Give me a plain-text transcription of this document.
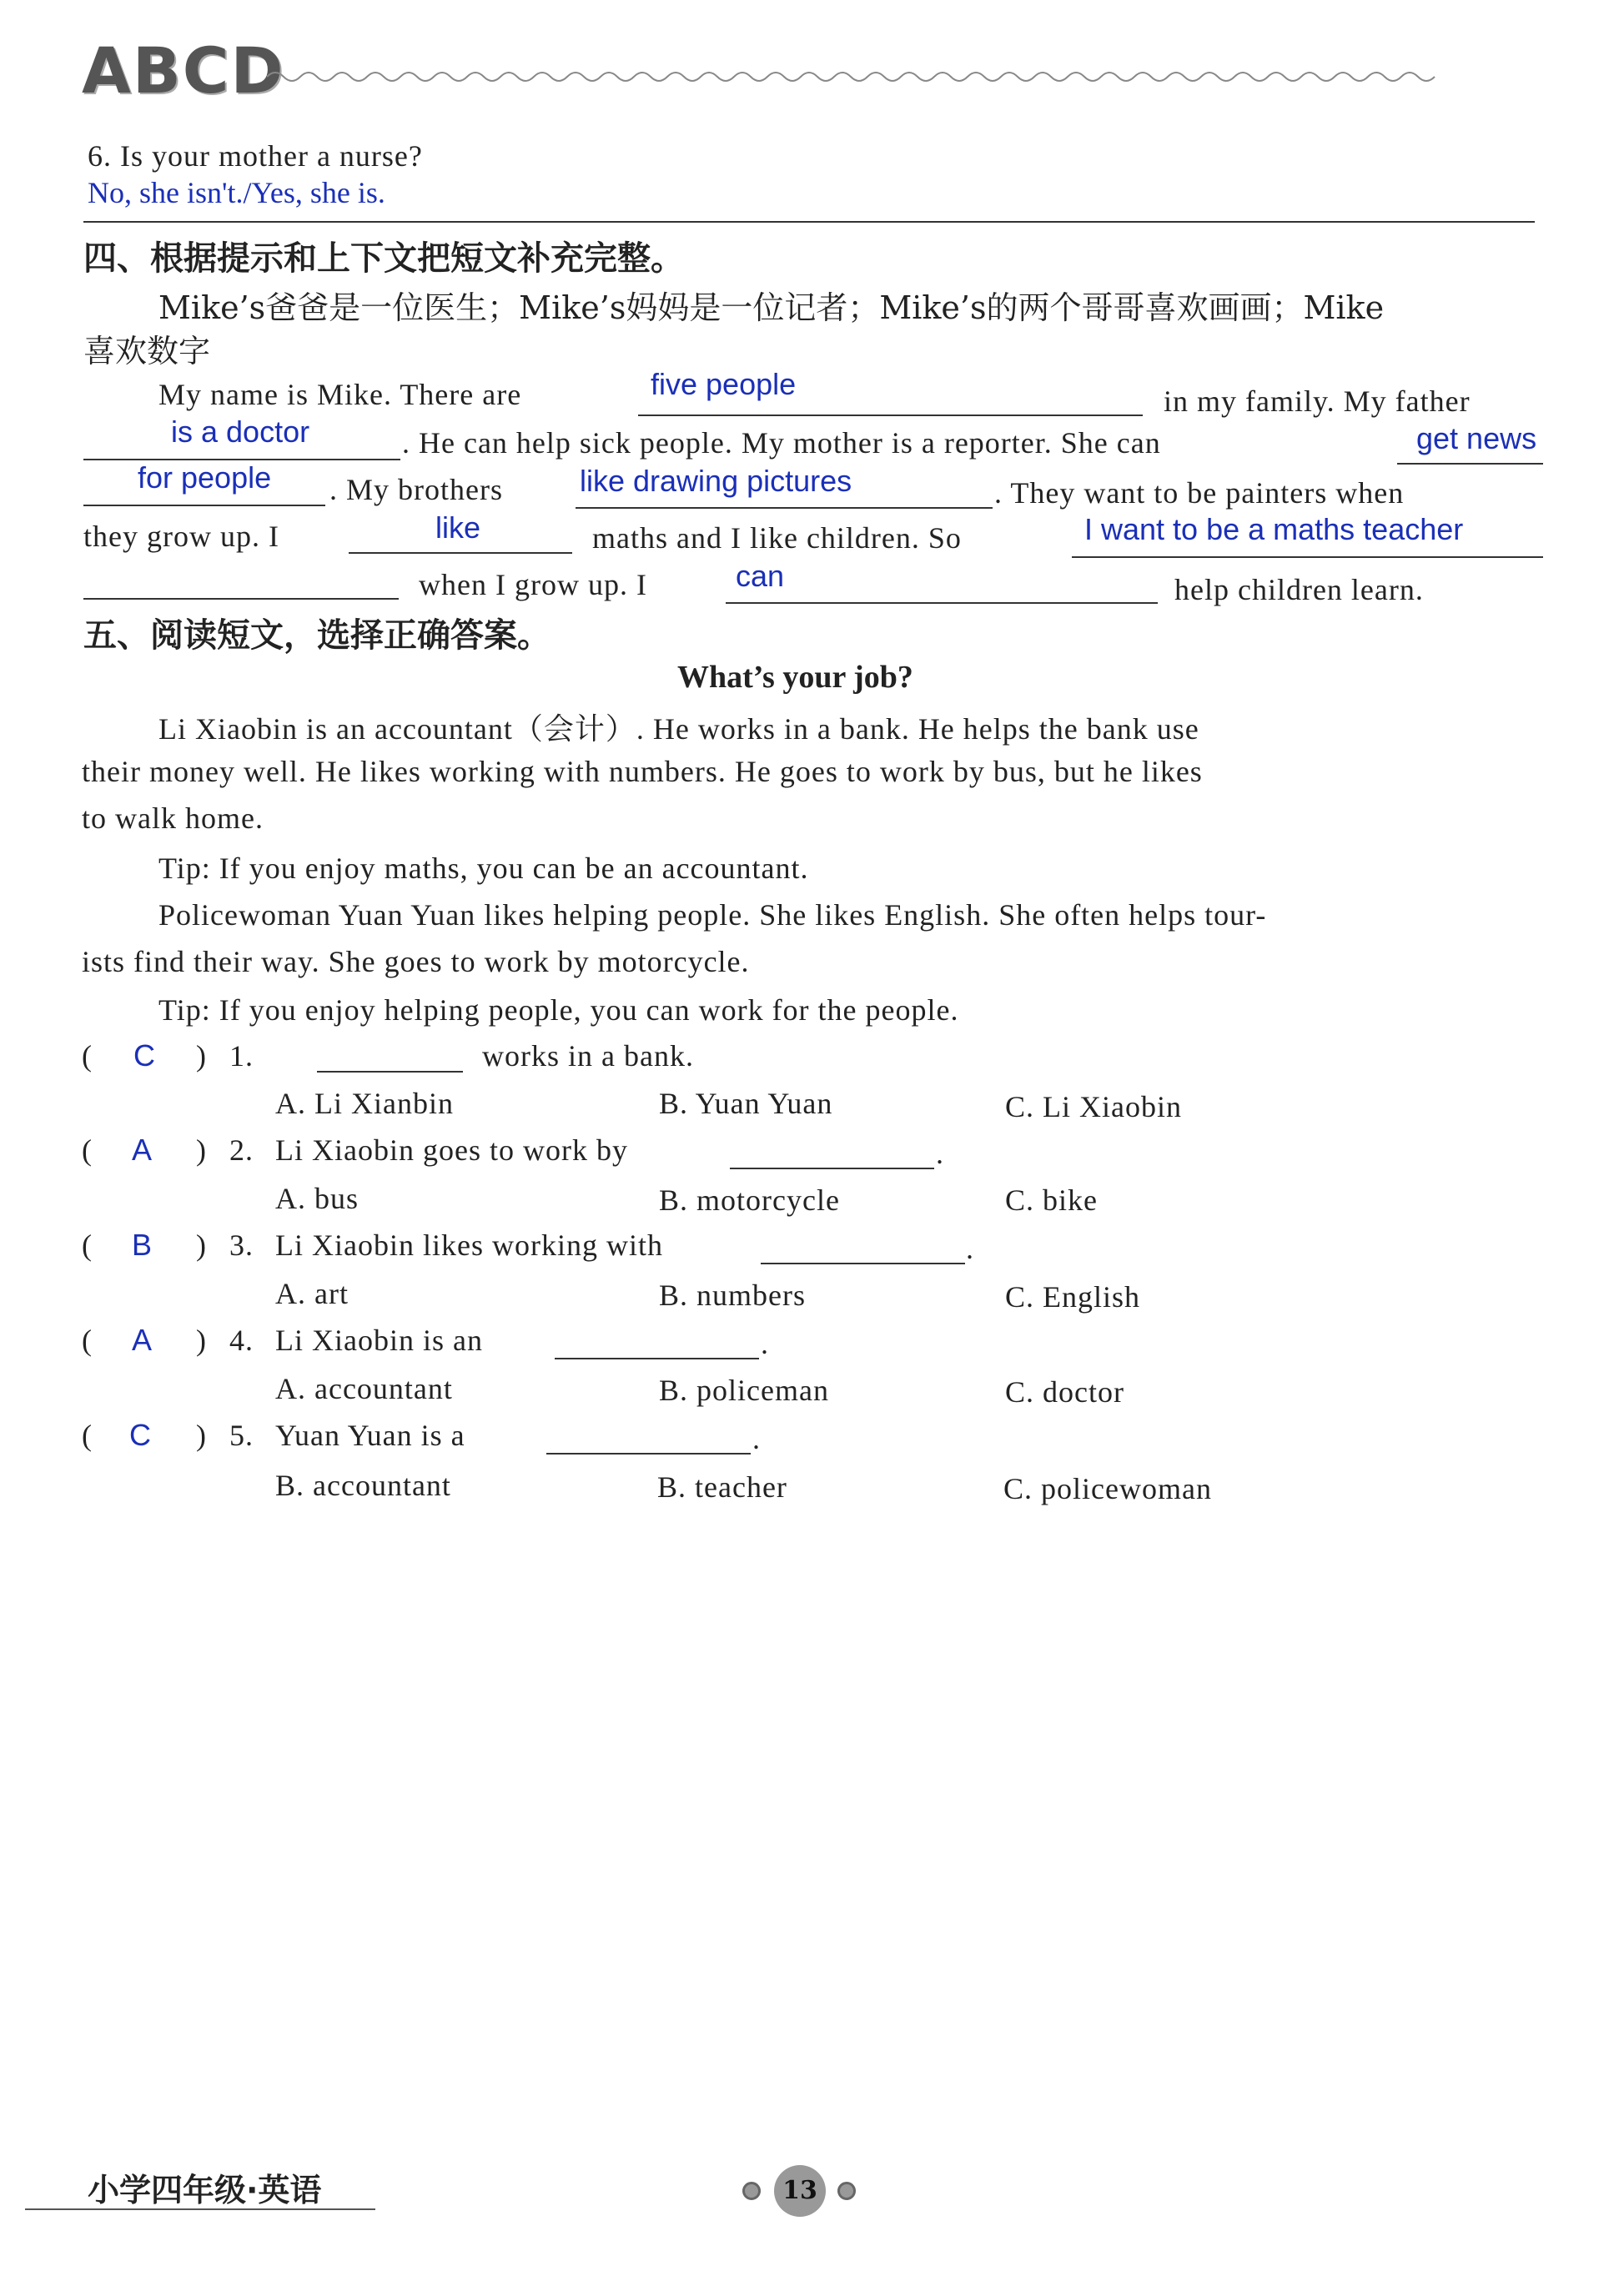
ABCD
6. Is your mother a nurse?
No, she isn't./Yes, she is.
四、根据提示和上下文把短文补充完整。
Mike’s爸爸是一位医生；Mike’s妈妈是一位记者；Mike’s的两个哥哥喜欢画画；Mike
喜欢数字
My name is Mike. There are	five people	in my family. My father
is a doctor	. He can help sick people. My mother is a reporter. She can	get news
for people . My brothers	like drawing pictures	. They want to be painters when
they grow up. I	like	maths and I like children. So	I want to be a maths teacher
when I grow up. I	can	help children learn.
五、阅读短文，选择正确答案。
What’s your job?
Li Xiaobin is an accountant（会计）. He works in a bank. He helps the bank use
their money well. He likes working with numbers. He goes to work by bus, but he likes
to walk home.
Tip: If you enjoy maths, you can be an accountant.
Policewoman Yuan Yuan likes helping people. She likes English. She often helps tour-
ists find their way. She goes to work by motorcycle.
Tip: If you enjoy helping people, you can work for the people.
( C ) 1.	works in a bank.
A. Li Xianbin	B. Yuan Yuan	C. Li Xiaobin
( A ) 2. Li Xiaobin goes to work by	.
A. bus	B. motorcycle	C. bike
( B ) 3. Li Xiaobin likes working with	.
A. art	B. numbers	C. English
( A ) 4. Li Xiaobin is an	.
A. accountant	B. policeman	C. doctor
( C ) 5. Yuan Yuan is a	.
B. accountant	B. teacher	C. policewoman
小学四年级·英语	13
